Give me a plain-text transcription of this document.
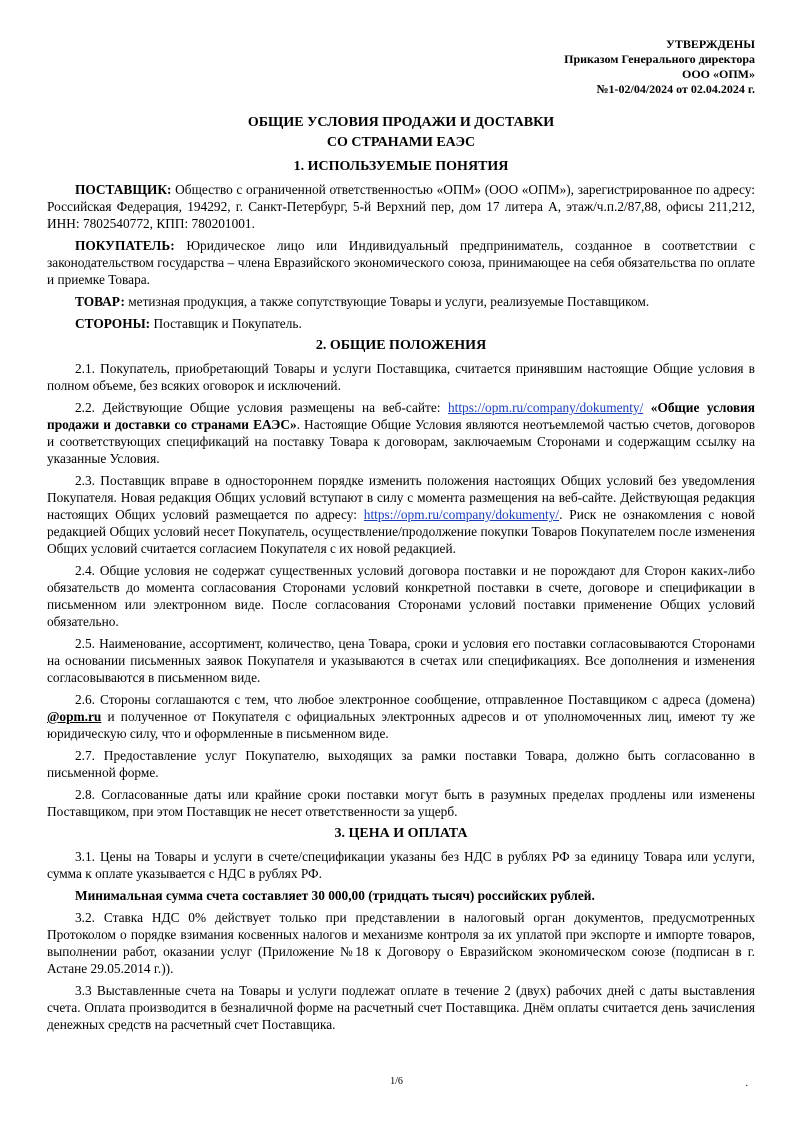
УТВЕРЖДЕНЫ
Приказом Генерального директора
ООО «ОПМ»
№1-02/04/2024 от 02.04.2024 г.
ОБЩИЕ УСЛОВИЯ ПРОДАЖИ И ДОСТАВКИ
СО СТРАНАМИ ЕАЭС
1. ИСПОЛЬЗУЕМЫЕ ПОНЯТИЯ

ПОСТАВЩИК: Общество с ограниченной ответственностью «ОПМ» (ООО «ОПМ»), зарегистрированное по адресу: Российская Федерация, 194292, г. Санкт-Петербург, 5-й Верхний пер, дом 17 литера А, этаж/ч.п.2/87,88, офисы 211,212, ИНН: 7802540772, КПП: 780201001.

ПОКУПАТЕЛЬ: Юридическое лицо или Индивидуальный предприниматель, созданное в соответствии с законодательством государства – члена Евразийского экономического союза, принимающее на себя обязательства по оплате и приемке Товара.

ТОВАР: метизная продукция, а также сопутствующие Товары и услуги, реализуемые Поставщиком.

СТОРОНЫ: Поставщик и Покупатель.

2. ОБЩИЕ ПОЛОЖЕНИЯ

2.1. Покупатель, приобретающий Товары и услуги Поставщика, считается принявшим настоящие Общие условия в полном объеме, без всяких оговорок и исключений.

2.2. Действующие Общие условия размещены на веб-сайте: https://opm.ru/company/dokumenty/ «Общие условия продажи и доставки со странами ЕАЭС». Настоящие Общие Условия являются неотъемлемой частью счетов, договоров и соответствующих спецификаций на поставку Товара к договорам, заключаемым Сторонами и содержащим ссылку на указанные Условия.

2.3. Поставщик вправе в одностороннем порядке изменить положения настоящих Общих условий без уведомления Покупателя. Новая редакция Общих условий вступают в силу с момента размещения на веб-сайте. Действующая редакция настоящих Общих условий размещается по адресу: https://opm.ru/company/dokumenty/. Риск не ознакомления с новой редакцией Общих условий несет Покупатель, осуществление/продолжение покупки Товаров Покупателем после изменения Общих условий считается согласием Покупателя с их новой редакцией.

2.4. Общие условия не содержат существенных условий договора поставки и не порождают для Сторон каких-либо обязательств до момента согласования Сторонами условий конкретной поставки в счете, договоре и спецификации в письменном или электронном виде. После согласования Сторонами условий поставки применение Общих условий обязательно.

2.5. Наименование, ассортимент, количество, цена Товара, сроки и условия его поставки согласовываются Сторонами на основании письменных заявок Покупателя и указываются в счетах или спецификациях. Все дополнения и изменения согласовываются в письменном виде.

2.6. Стороны соглашаются с тем, что любое электронное сообщение, отправленное Поставщиком с адреса (домена) @opm.ru и полученное от Покупателя с официальных электронных адресов и от уполномоченных лиц, имеют ту же юридическую силу, что и оформленные в письменном виде.

2.7. Предоставление услуг Покупателю, выходящих за рамки поставки Товара, должно быть согласованно в письменной форме.

2.8. Согласованные даты или крайние сроки поставки могут быть в разумных пределах продлены или изменены Поставщиком, при этом Поставщик не несет ответственности за ущерб.

3. ЦЕНА И ОПЛАТА

3.1. Цены на Товары и услуги в счете/спецификации указаны без НДС в рублях РФ за единицу Товара или услуги, сумма к оплате указывается с НДС в рублях РФ.

Минимальная сумма счета составляет 30 000,00 (тридцать тысяч) российских рублей.

3.2. Ставка НДС 0% действует только при представлении в налоговый орган документов, предусмотренных Протоколом о порядке взимания косвенных налогов и механизме контроля за их уплатой при экспорте и импорте товаров, выполнении работ, оказании услуг (Приложение №18 к Договору о Евразийском экономическом союзе (подписан в г. Астане 29.05.2014 г.)).

3.3 Выставленные счета на Товары и услуги подлежат оплате в течение 2 (двух) рабочих дней с даты выставления счета. Оплата производится в безналичной форме на расчетный счет Поставщика. Днём оплаты считается день зачисления денежных средств на расчетный счет Поставщика.

1/6	.
